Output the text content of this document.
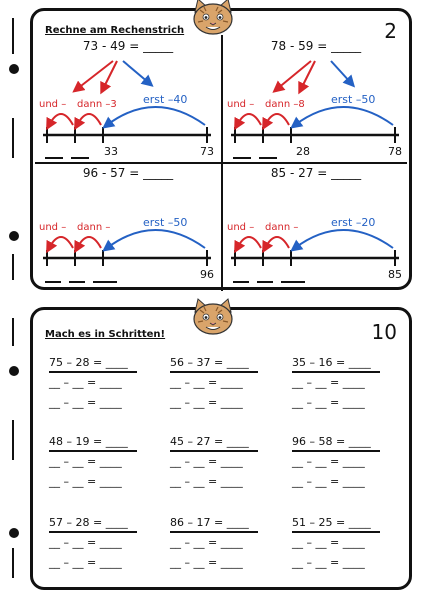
Rechne am Rechenstrich	2
73 - 49 = _____
und – dann –3 erst –40
33	73
78 - 59 = _____
und – dann –8 erst –50
28	78
96 - 57 = _____
und – dann –	erst –50
96
85 - 27 = _____
und – dann –	erst –20
85
Mach es in Schritten!	10
75 – 28 = ____
__ – __ = ____
__ – __ = ____
56 – 37 = ____
__ – __ = ____
__ – __ = ____
35 – 16 = ____
__ – __ = ____
__ – __ = ____
48 – 19 = ____
__ – __ = ____
__ – __ = ____
45 – 27 = ____
__ – __ = ____
__ – __ = ____
96 – 58 = ____
__ – __ = ____
__ – __ = ____
57 – 28 = ____
__ – __ = ____
__ – __ = ____
86 – 17 = ____
__ – __ = ____
__ – __ = ____
51 – 25 = ____
__ – __ = ____
__ – __ = ____
